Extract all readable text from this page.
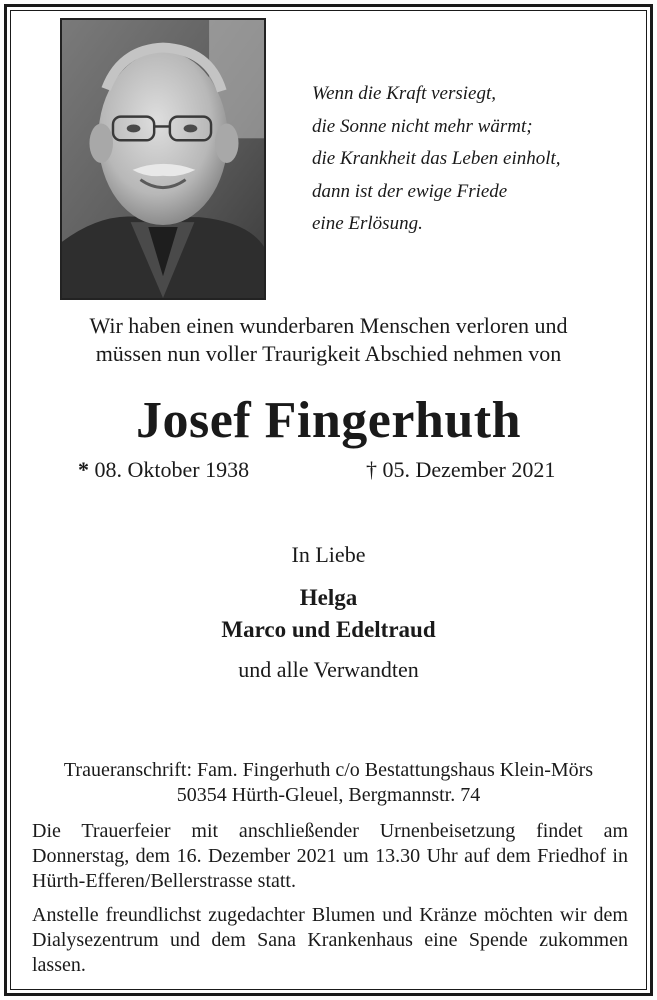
Wenn die Kraft versiegt,
die Sonne nicht mehr wärmt;
die Krankheit das Leben einholt,
dann ist der ewige Friede
eine Erlösung.
Wir haben einen wunderbaren Menschen verloren und
müssen nun voller Traurigkeit Abschied nehmen von
Josef Fingerhuth
* 08. Oktober 1938	† 05. Dezember 2021
In Liebe
Helga
Marco und Edeltraud
und alle Verwandten
Traueranschrift: Fam. Fingerhuth c/o Bestattungshaus Klein-Mörs
50354 Hürth-Gleuel, Bergmannstr. 74
Die Trauerfeier mit anschließender Urnenbeisetzung findet am Donnerstag, dem 16. Dezember 2021 um 13.30 Uhr auf dem Friedhof in Hürth-Efferen/Bellerstrasse statt.
Anstelle freundlichst zugedachter Blumen und Kränze möchten wir dem Dialysezentrum und dem Sana Krankenhaus eine Spende zukommen lassen.
